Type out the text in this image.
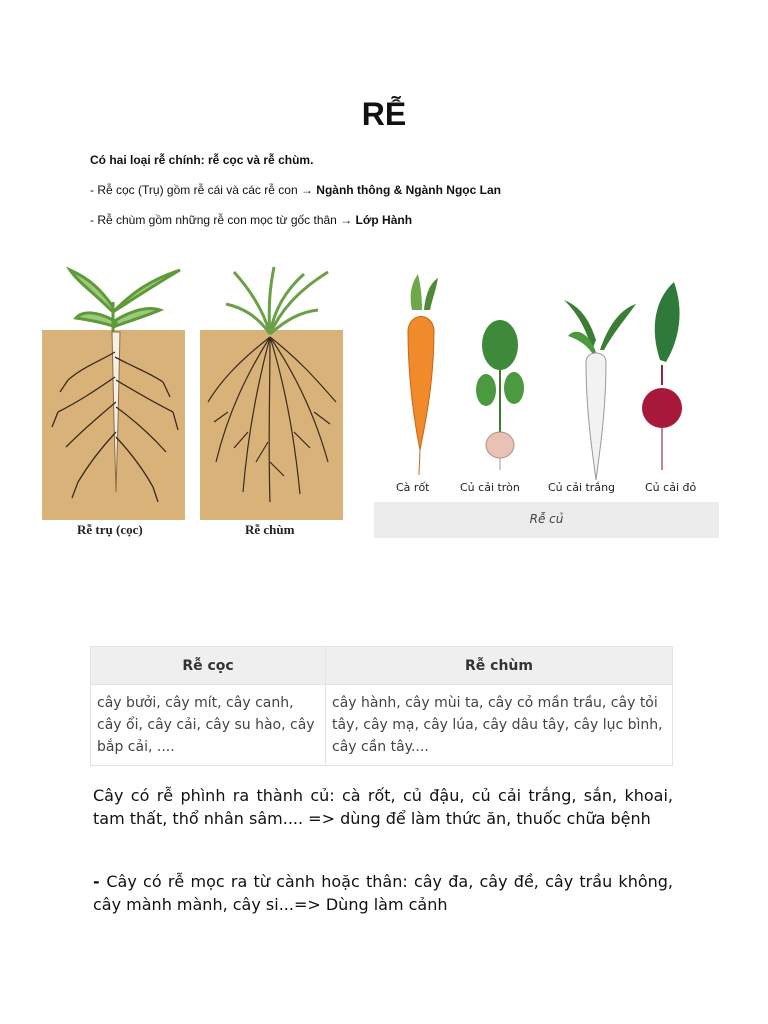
RỄ

Có hai loại rễ chính: rễ cọc và rễ chùm.

- Rễ cọc (Trụ) gồm rễ cái và các rễ con → Ngành thông & Ngành Ngọc Lan

- Rễ chùm gồm những rễ con mọc từ gốc thân → Lớp Hành

Rễ trụ (cọc)	Rễ chùm
Cà rốt	Củ cải tròn	Củ cải trắng	Củ cải đỏ
Rễ củ
Rễ cọc	Rễ chùm
cây bưởi, cây mít, cây canh, cây ổi, cây cải, cây su hào, cây bắp cải, ....	cây hành, cây mùi ta, cây cỏ mần trầu, cây tỏi tây, cây mạ, cây lúa, cây dâu tây, cây lục bình, cây cần tây....

Cây có rễ phình ra thành củ: cà rốt, củ đậu, củ cải trắng, sắn, khoai, tam thất, thổ nhân sâm.... => dùng để làm thức ăn, thuốc chữa bệnh

- Cây có rễ mọc ra từ cành hoặc thân: cây đa, cây đề, cây trầu không, cây mành mành, cây si...=> Dùng làm cảnh
